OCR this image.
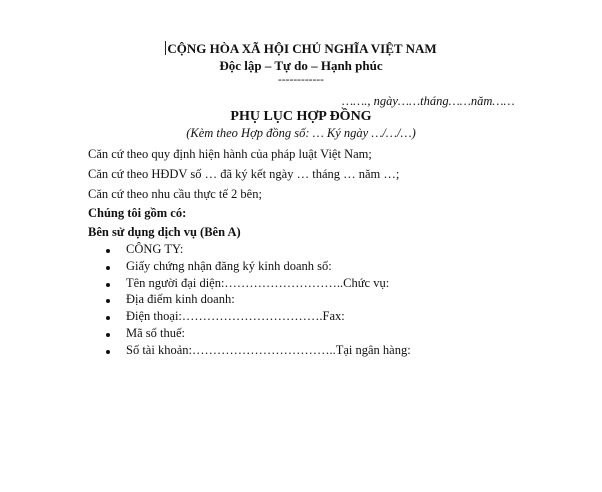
CỘNG HÒA XÃ HỘI CHỦ NGHĨA VIỆT NAM
Độc lập – Tự do – Hạnh phúc
------------
……., ngày……tháng……năm……
PHỤ LỤC HỢP ĐỒNG
(Kèm theo Hợp đồng số: … Ký ngày …/…/…)
Căn cứ theo quy định hiện hành của pháp luật Việt Nam;
Căn cứ theo HĐDV số … đã ký kết ngày … tháng … năm …;
Căn cứ theo nhu cầu thực tế 2 bên;
Chúng tôi gồm có:
Bên sử dụng dịch vụ (Bên A)
CÔNG TY:
Giấy chứng nhận đăng ký kinh doanh số:
Tên người đại diện:………………………..Chức vụ:
Địa điểm kinh doanh:
Điện thoại:…………………………….Fax:
Mã số thuế:
Số tài khoản:……………………………..Tại ngân hàng:
